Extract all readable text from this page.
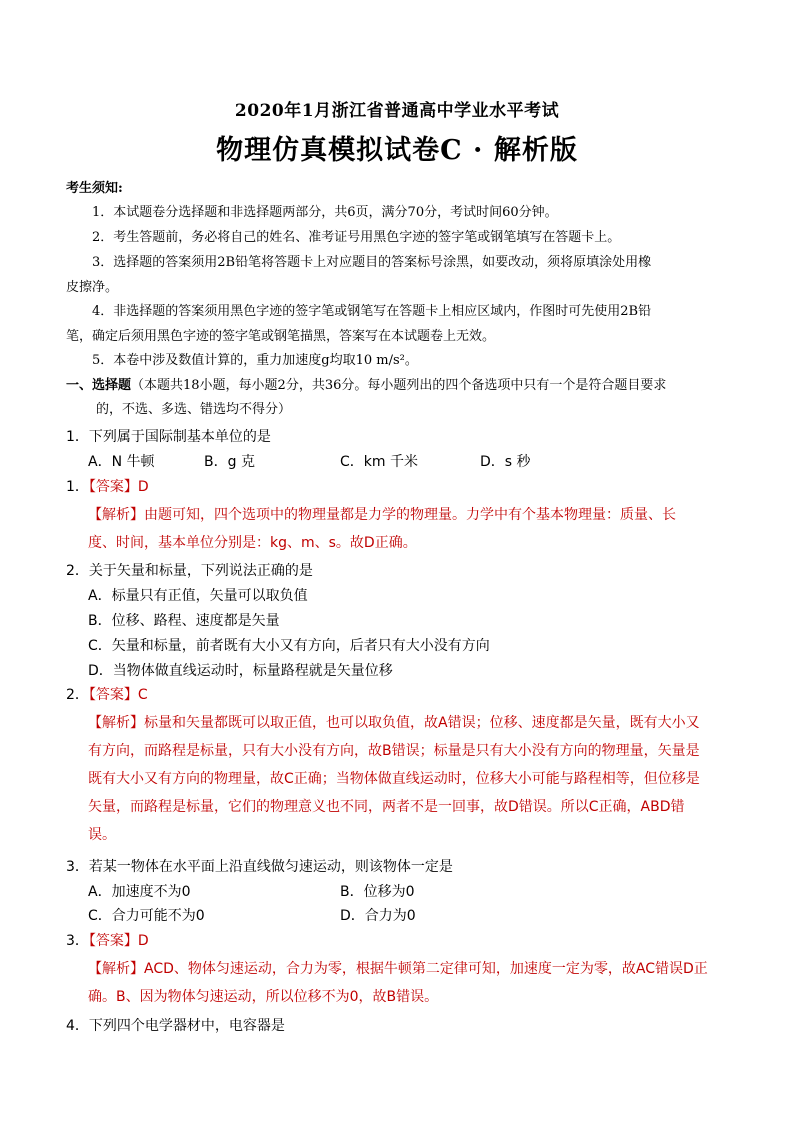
2020年1月浙江省普通高中学业水平考试
物理仿真模拟试卷C · 解析版
考生须知:
1．本试题卷分选择题和非选择题两部分，共6页，满分70分，考试时间60分钟。
2．考生答题前，务必将自己的姓名、准考证号用黑色字迹的签字笔或钢笔填写在答题卡上。
3．选择题的答案须用2B铅笔将答题卡上对应题目的答案标号涂黑，如要改动，须将原填涂处用橡
皮擦净。
4．非选择题的答案须用黑色字迹的签字笔或钢笔写在答题卡上相应区域内，作图时可先使用2B铅
笔，确定后须用黑色字迹的签字笔或钢笔描黑，答案写在本试题卷上无效。
5．本卷中涉及数值计算的，重力加速度g均取10 m/s²。
一、选择题（本题共18小题，每小题2分，共36分。每小题列出的四个备选项中只有一个是符合题目要求
的，不选、多选、错选均不得分）
1．下列属于国际制基本单位的是
A．N 牛顿	B．g 克	C．km 千米	D．s 秒
1．【答案】D
【解析】由题可知，四个选项中的物理量都是力学的物理量。力学中有个基本物理量：质量、长
度、时间，基本单位分别是：kg、m、s。故D正确。
2．关于矢量和标量，下列说法正确的是
A．标量只有正值，矢量可以取负值
B．位移、路程、速度都是矢量
C．矢量和标量，前者既有大小又有方向，后者只有大小没有方向
D．当物体做直线运动时，标量路程就是矢量位移
2．【答案】C
【解析】标量和矢量都既可以取正值，也可以取负值，故A错误；位移、速度都是矢量，既有大小又
有方向，而路程是标量，只有大小没有方向，故B错误；标量是只有大小没有方向的物理量，矢量是
既有大小又有方向的物理量，故C正确；当物体做直线运动时，位移大小可能与路程相等，但位移是
矢量，而路程是标量，它们的物理意义也不同，两者不是一回事，故D错误。所以C正确，ABD错
误。
3．若某一物体在水平面上沿直线做匀速运动，则该物体一定是
A．加速度不为0	B．位移为0
C．合力可能不为0	D．合力为0
3．【答案】D
【解析】ACD、物体匀速运动，合力为零，根据牛顿第二定律可知，加速度一定为零，故AC错误D正
确。B、因为物体匀速运动，所以位移不为0，故B错误。
4．下列四个电学器材中，电容器是
